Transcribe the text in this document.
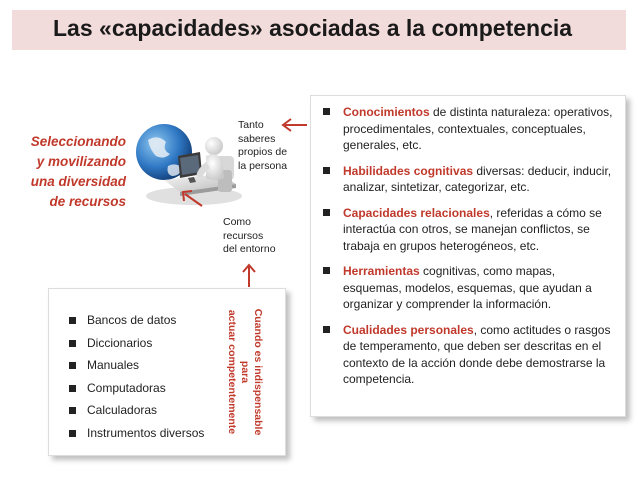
Las «capacidades» asociadas a la competencia
Seleccionando
y movilizando
una diversidad
de recursos
Tanto
saberes
propios de
la persona
Como
recursos
del entorno
Conocimientos de distinta naturaleza: operativos, procedimentales, contextuales, conceptuales, generales, etc.
Habilidades cognitivas diversas: deducir, inducir, analizar, sintetizar, categorizar, etc.
Capacidades relacionales, referidas a cómo se interactúa con otros, se manejan conflictos, se trabaja en grupos heterogéneos, etc.
Herramientas cognitivas, como mapas, esquemas, modelos, esquemas, que ayudan a organizar y comprender la información.
Cualidades personales, como actitudes o rasgos de temperamento, que deben ser descritas en el contexto de la acción donde debe demostrarse la competencia.
Bancos de datos
Diccionarios
Manuales
Computadoras
Calculadoras
Instrumentos diversos	Cuando es indispensable para
actuar competentemente
